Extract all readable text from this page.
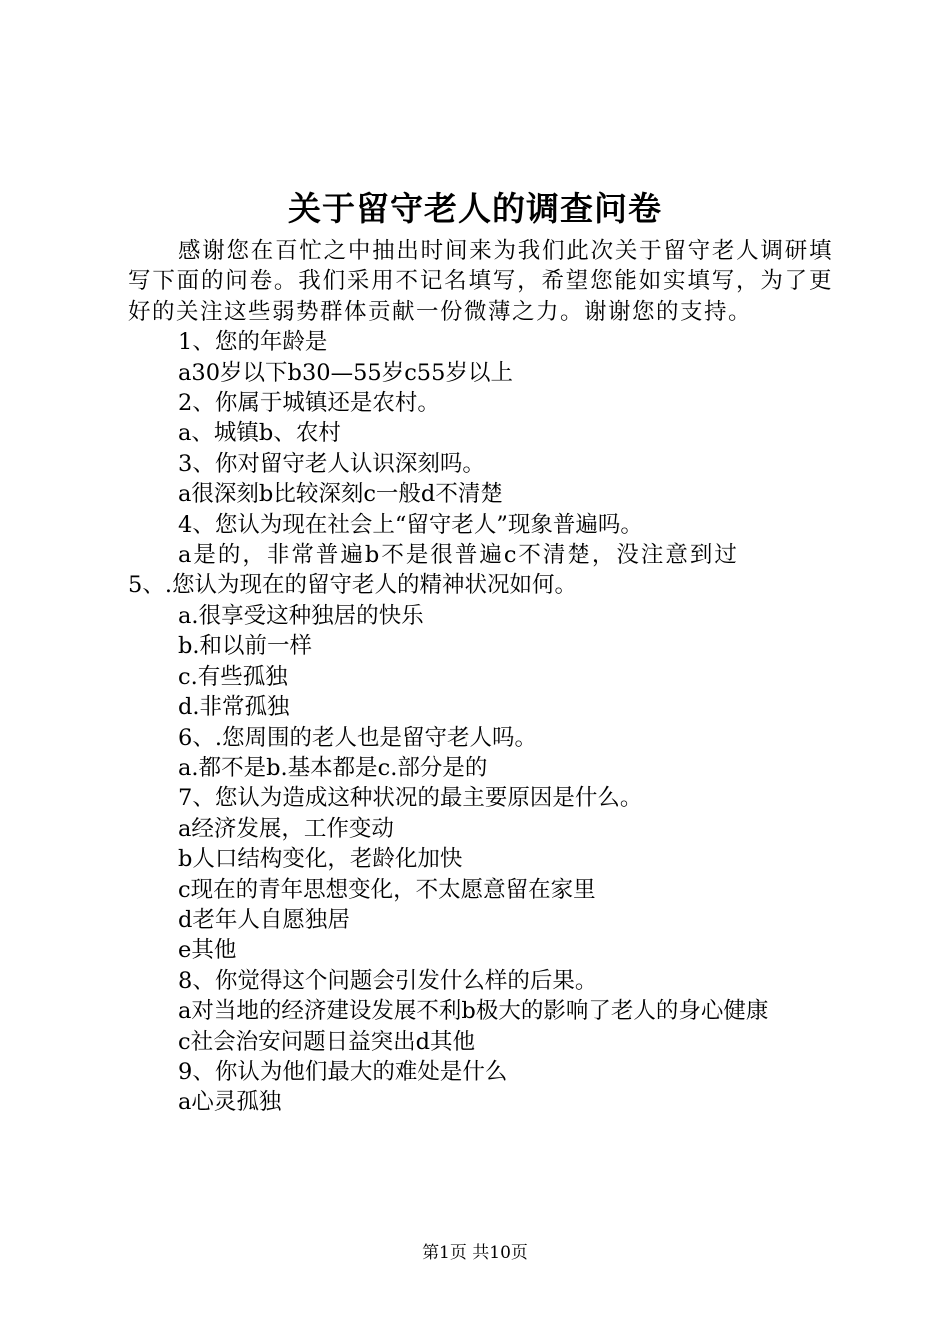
关于留守老人的调查问卷

感谢您在百忙之中抽出时间来为我们此次关于留守老人调研填写下面的问卷。我们采用不记名填写，希望您能如实填写，为了更好的关注这些弱势群体贡献一份微薄之力。谢谢您的支持。

1、您的年龄是

a30岁以下b30—55岁c55岁以上

2、你属于城镇还是农村。

a、城镇b、农村

3、你对留守老人认识深刻吗。

a很深刻b比较深刻c一般d不清楚

4、您认为现在社会上“留守老人”现象普遍吗。

a是的，非常普遍b不是很普遍c不清楚，没注意到过

5、.您认为现在的留守老人的精神状况如何。

a.很享受这种独居的快乐

b.和以前一样

c.有些孤独

d.非常孤独

6、.您周围的老人也是留守老人吗。

a.都不是b.基本都是c.部分是的

7、您认为造成这种状况的最主要原因是什么。

a经济发展，工作变动

b人口结构变化，老龄化加快

c现在的青年思想变化，不太愿意留在家里

d老年人自愿独居

e其他

8、你觉得这个问题会引发什么样的后果。

a对当地的经济建设发展不利b极大的影响了老人的身心健康

c社会治安问题日益突出d其他

9、你认为他们最大的难处是什么

a心灵孤独

第1页 共10页
